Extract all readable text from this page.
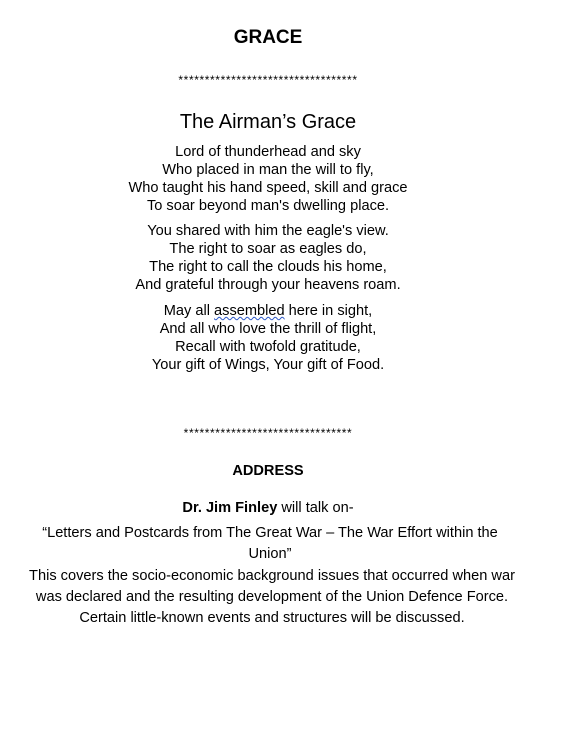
GRACE
**********************************
The Airman’s Grace
Lord of thunderhead and sky
Who placed in man the will to fly,
Who taught his hand speed, skill and grace
To soar beyond man's dwelling place.
You shared with him the eagle's view.
The right to soar as eagles do,
The right to call the clouds his home,
And grateful through your heavens roam.
May all assembled here in sight,
And all who love the thrill of flight,
Recall with twofold gratitude,
Your gift of Wings, Your gift of Food.
********************************
ADDRESS
Dr. Jim Finley will talk on-
“Letters and Postcards from The Great War – The War Effort within the Union”
This covers the socio-economic background issues that occurred when war was declared and the resulting development of the Union Defence Force. Certain little-known events and structures will be discussed.
